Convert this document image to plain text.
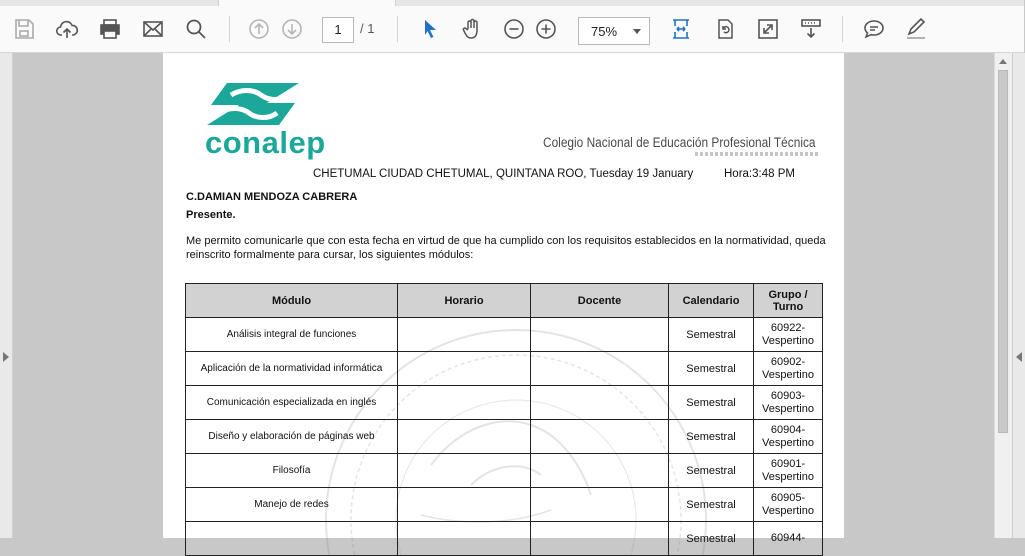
1	/ 1	75%
conalep	Colegio Nacional de Educación Profesional Técnica
CHETUMAL CIUDAD CHETUMAL, QUINTANA ROO, Tuesday 19 January	Hora:3:48 PM
C.DAMIAN MENDOZA CABRERA
Presente.
Me permito comunicarle que con esta fecha en virtud de que ha cumplido con los requisitos establecidos en la normatividad, queda reinscrito formalmente para cursar, los siguientes módulos:
Módulo	Horario	Docente	Calendario	Grupo / Turno
Análisis integral de funciones			Semestral	60922-
Vespertino

Aplicación de la normatividad informática			Semestral	60902-
Vespertino

Comunicación especializada en inglés			Semestral	60903-
Vespertino

Diseño y elaboración de páginas web			Semestral	60904-
Vespertino

Filosofía			Semestral	60901-
Vespertino

Manejo de redes			Semestral	60905-
Vespertino

			Semestral	60944-
